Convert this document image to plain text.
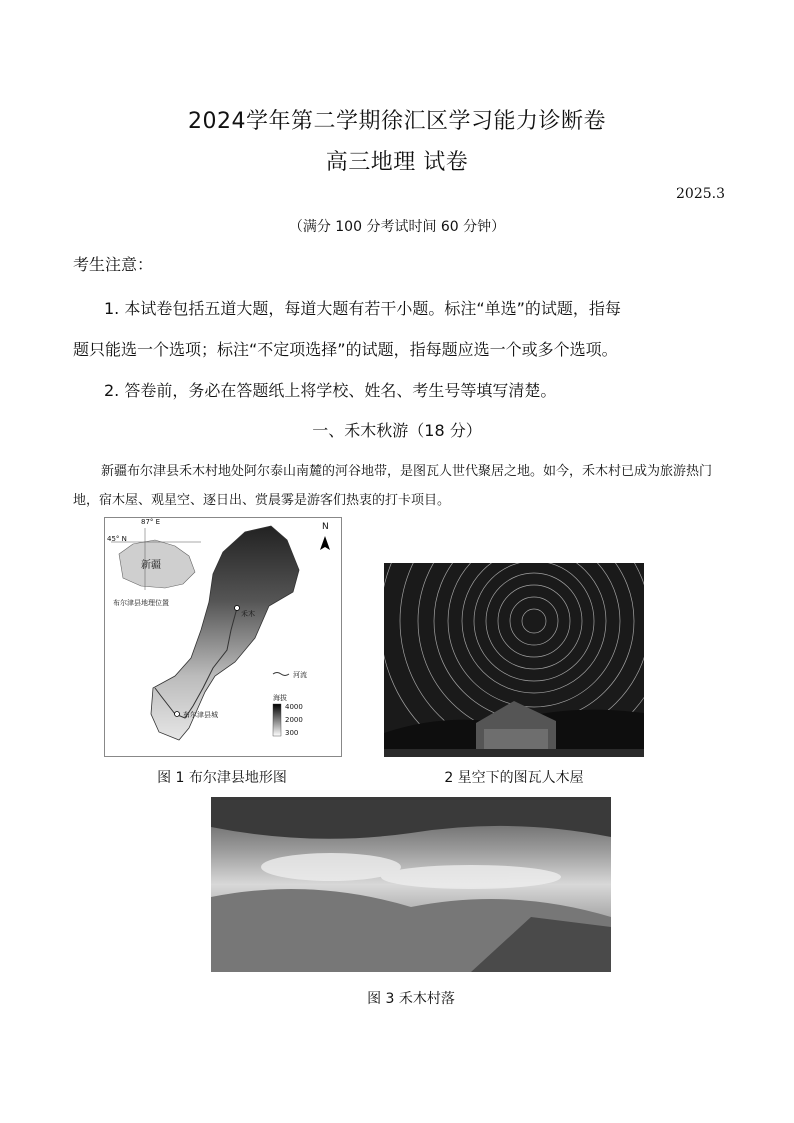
2024学年第二学期徐汇区学习能力诊断卷
高三地理 试卷
2025.3
（满分 100 分考试时间 60 分钟）
考生注意：
1. 本试卷包括五道大题，每道大题有若干小题。标注“单选”的试题，指每
题只能选一个选项；标注“不定项选择”的试题，指每题应选一个或多个选项。
2. 答卷前，务必在答题纸上将学校、姓名、考生号等填写清楚。
一、禾木秋游（18 分）
新疆布尔津县禾木村地处阿尔泰山南麓的河谷地带，是图瓦人世代聚居之地。如今，禾木村已成为旅游热门地，宿木屋、观星空、逐日出、赏晨雾是游客们热衷的打卡项目。
87° E
45° N
新疆
布尔津县地理位置
N
禾木
布尔津县城
河流
海拔
4000
2000
300
图 1 布尔津县地形图	2 星空下的图瓦人木屋
图 3 禾木村落
